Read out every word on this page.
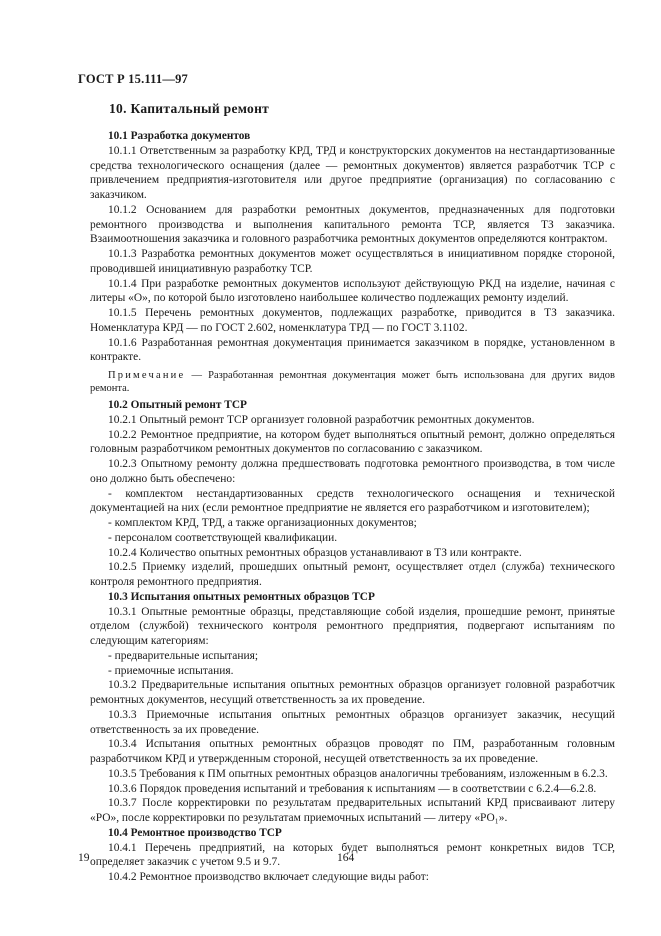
ГОСТ Р 15.111—97
10. Капитальный ремонт

10.1 Разработка документов

10.1.1 Ответственным за разработку КРД, ТРД и конструкторских документов на нестандартизованные средства технологического оснащения (далее — ремонтных документов) является разработчик ТСР с привлечением предприятия-изготовителя или другое предприятие (организация) по согласованию с заказчиком.

10.1.2 Основанием для разработки ремонтных документов, предназначенных для подготовки ремонтного производства и выполнения капитального ремонта ТСР, является ТЗ заказчика. Взаимоотношения заказчика и головного разработчика ремонтных документов определяются контрактом.

10.1.3 Разработка ремонтных документов может осуществляться в инициативном порядке стороной, проводившей инициативную разработку ТСР.

10.1.4 При разработке ремонтных документов используют действующую РКД на изделие, начиная с литеры «О», по которой было изготовлено наибольшее количество подлежащих ремонту изделий.

10.1.5 Перечень ремонтных документов, подлежащих разработке, приводится в ТЗ заказчика. Номенклатура КРД — по ГОСТ 2.602, номенклатура ТРД — по ГОСТ 3.1102.

10.1.6 Разработанная ремонтная документация принимается заказчиком в порядке, установленном в контракте.

Примечание — Разработанная ремонтная документация может быть использована для других видов ремонта.

10.2 Опытный ремонт ТСР

10.2.1 Опытный ремонт ТСР организует головной разработчик ремонтных документов.

10.2.2 Ремонтное предприятие, на котором будет выполняться опытный ремонт, должно определяться головным разработчиком ремонтных документов по согласованию с заказчиком.

10.2.3 Опытному ремонту должна предшествовать подготовка ремонтного производства, в том числе оно должно быть обеспечено:

- комплектом нестандартизованных средств технологического оснащения и технической документацией на них (если ремонтное предприятие не является его разработчиком и изготовителем);

- комплектом КРД, ТРД, а также организационных документов;

- персоналом соответствующей квалификации.

10.2.4 Количество опытных ремонтных образцов устанавливают в ТЗ или контракте.

10.2.5 Приемку изделий, прошедших опытный ремонт, осуществляет отдел (служба) технического контроля ремонтного предприятия.

10.3 Испытания опытных ремонтных образцов ТСР

10.3.1 Опытные ремонтные образцы, представляющие собой изделия, прошедшие ремонт, принятые отделом (службой) технического контроля ремонтного предприятия, подвергают испытаниям по следующим категориям:

- предварительные испытания;

- приемочные испытания.

10.3.2 Предварительные испытания опытных ремонтных образцов организует головной разработчик ремонтных документов, несущий ответственность за их проведение.

10.3.3 Приемочные испытания опытных ремонтных образцов организует заказчик, несущий ответственность за их проведение.

10.3.4 Испытания опытных ремонтных образцов проводят по ПМ, разработанным головным разработчиком КРД и утвержденным стороной, несущей ответственность за их проведение.

10.3.5 Требования к ПМ опытных ремонтных образцов аналогичны требованиям, изложенным в 6.2.3.

10.3.6 Порядок проведения испытаний и требования к испытаниям — в соответствии с 6.2.4—6.2.8.

10.3.7 После корректировки по результатам предварительных испытаний КРД присваивают литеру «РО», после корректировки по результатам приемочных испытаний — литеру «РО₁».

10.4 Ремонтное производство ТСР

10.4.1 Перечень предприятий, на которых будет выполняться ремонт конкретных видов ТСР, определяет заказчик с учетом 9.5 и 9.7.

10.4.2 Ремонтное производство включает следующие виды работ:

19	164
